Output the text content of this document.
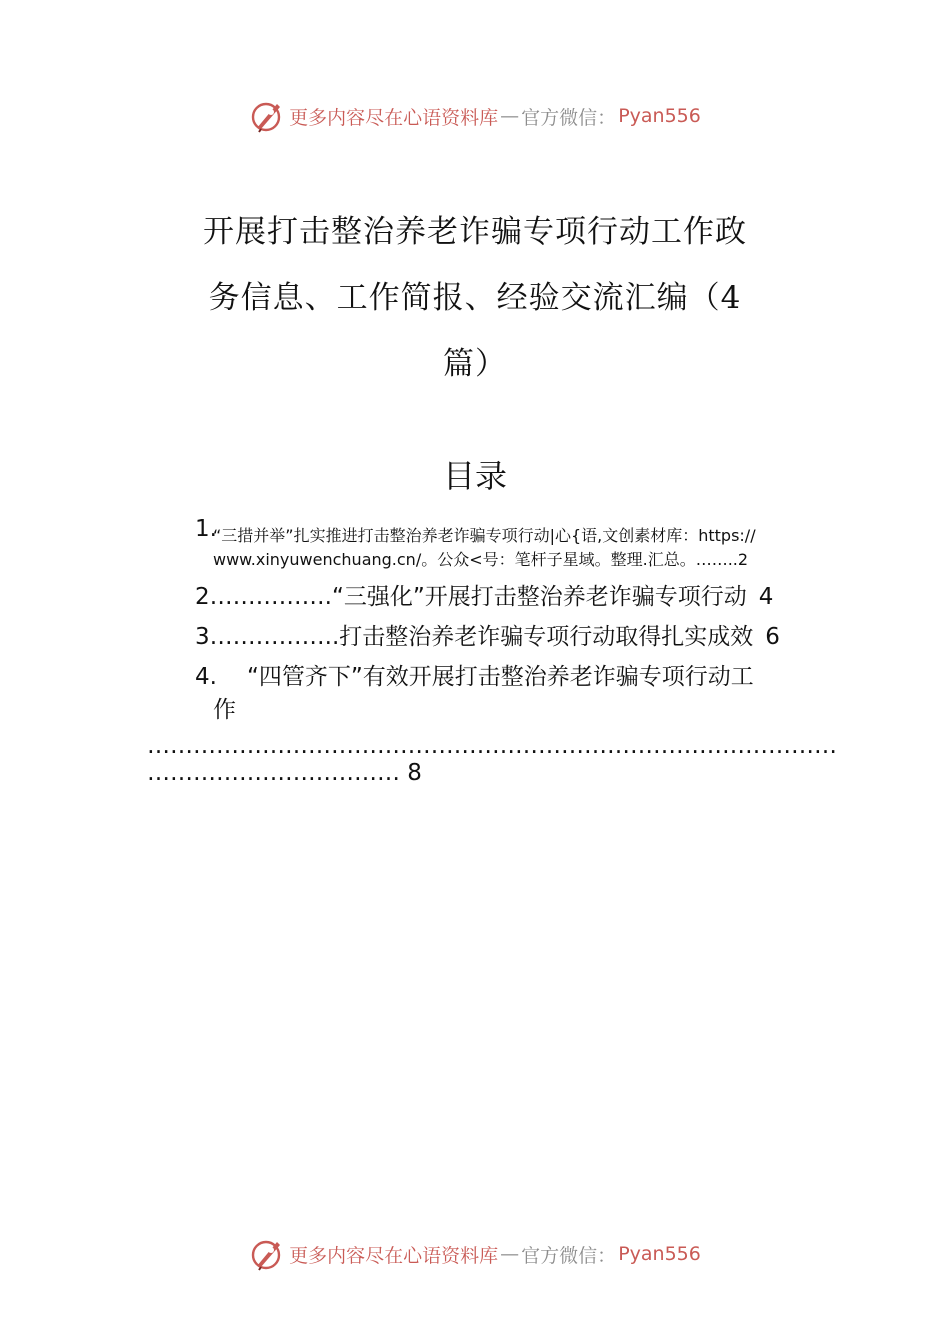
更多内容尽在心语资料库 — 官方微信： Pyan556
开展打击整治养老诈骗专项行动工作政
务信息、工作简报、经验交流汇编（4
篇）
目录
1.
“三措并举”扎实推进打击整治养老诈骗专项行动|心{语,文创素材库：https://
www.xinyuwenchuang.cn/。公众<号：笔杆子星域。整理.汇总。……..2
2 ……………. “三强化”开展打击整治养老诈骗专项行动 4
3 …………….. 打击整治养老诈骗专项行动取得扎实成效 6
4. “四管齐下”有效开展打击整治养老诈骗专项行动工
作
………………………………………………………………………………
…………………………… 8
更多内容尽在心语资料库 — 官方微信： Pyan556
